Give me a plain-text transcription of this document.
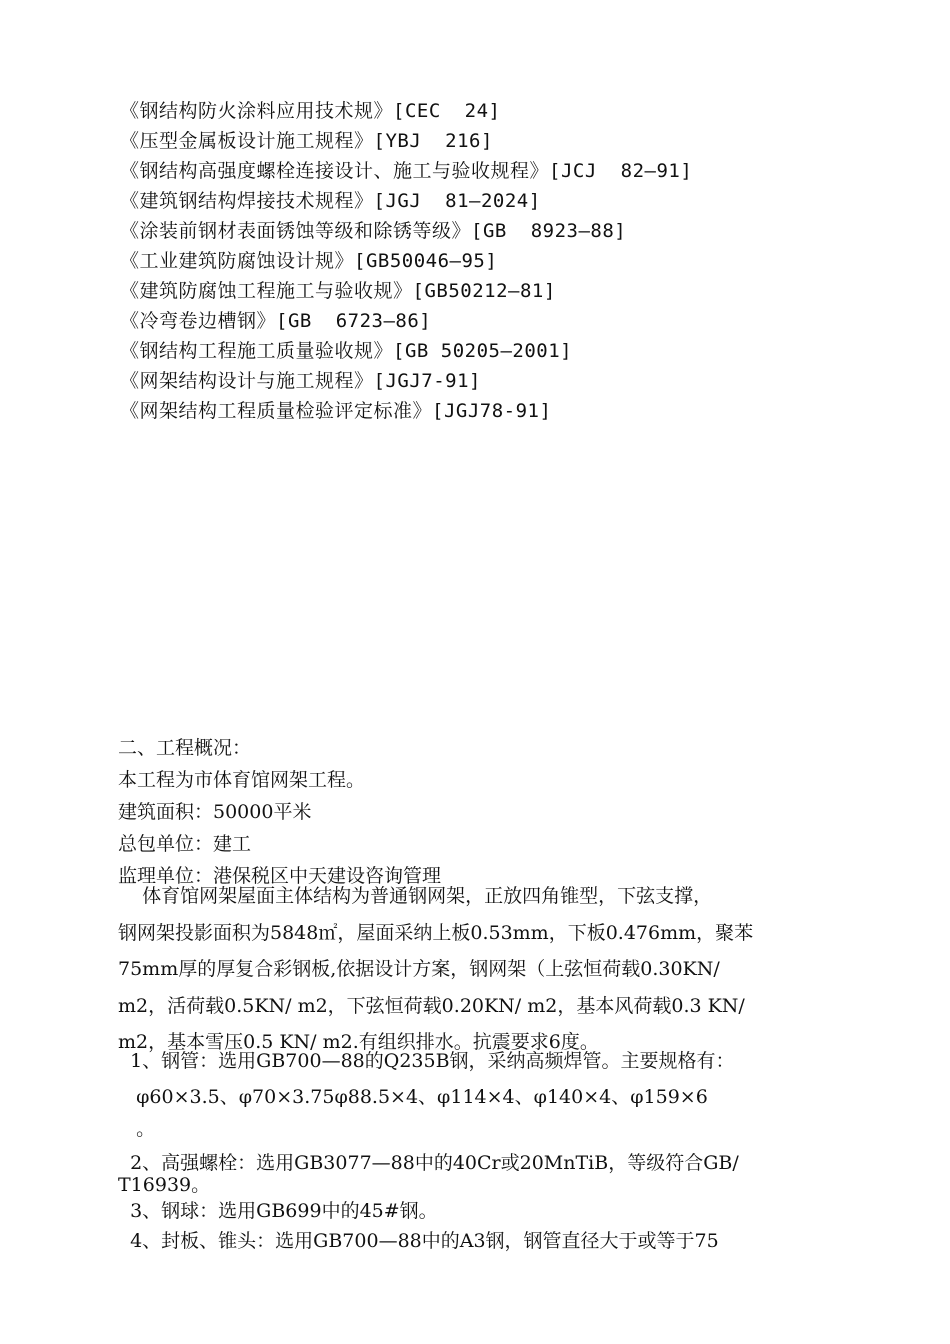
《钢结构防火涂料应用技术规》[CEC  24]
《压型金属板设计施工规程》[YBJ  216]
《钢结构高强度螺栓连接设计、施工与验收规程》[JCJ  82—91]
《建筑钢结构焊接技术规程》[JGJ  81—2024]
《涂装前钢材表面锈蚀等级和除锈等级》[GB  8923—88]
《工业建筑防腐蚀设计规》[GB50046—95]
《建筑防腐蚀工程施工与验收规》[GB50212—81]
《冷弯卷边槽钢》[GB  6723—86]
《钢结构工程施工质量验收规》[GB 50205—2001]
《网架结构设计与施工规程》[JGJ7-91]
《网架结构工程质量检验评定标准》[JGJ78-91]
二、工程概况：
本工程为市体育馆网架工程。
建筑面积：50000平米
总包单位：建工
监理单位：港保税区中天建设咨询管理
体育馆网架屋面主体结构为普通钢网架，正放四角锥型，下弦支撑，
钢网架投影面积为5848㎡，屋面采纳上板0.53mm，下板0.476mm，聚苯
75mm厚的厚复合彩钢板,依据设计方案，钢网架（上弦恒荷载0.30KN/
m2，活荷载0.5KN/ m2，下弦恒荷载0.20KN/ m2，基本风荷载0.3 KN/
m2，基本雪压0.5 KN/ m2.有组织排水。抗震要求6度。
1、钢管：选用GB700—88的Q235B钢，采纳高频焊管。主要规格有：
φ60×3.5、φ70×3.75φ88.5×4、φ114×4、φ140×4、φ159×6
。
2、高强螺栓：选用GB3077—88中的40Cr或20MnTiB，等级符合GB/
T16939。
3、钢球：选用GB699中的45#钢。
4、封板、锥头：选用GB700—88中的A3钢，钢管直径大于或等于75
